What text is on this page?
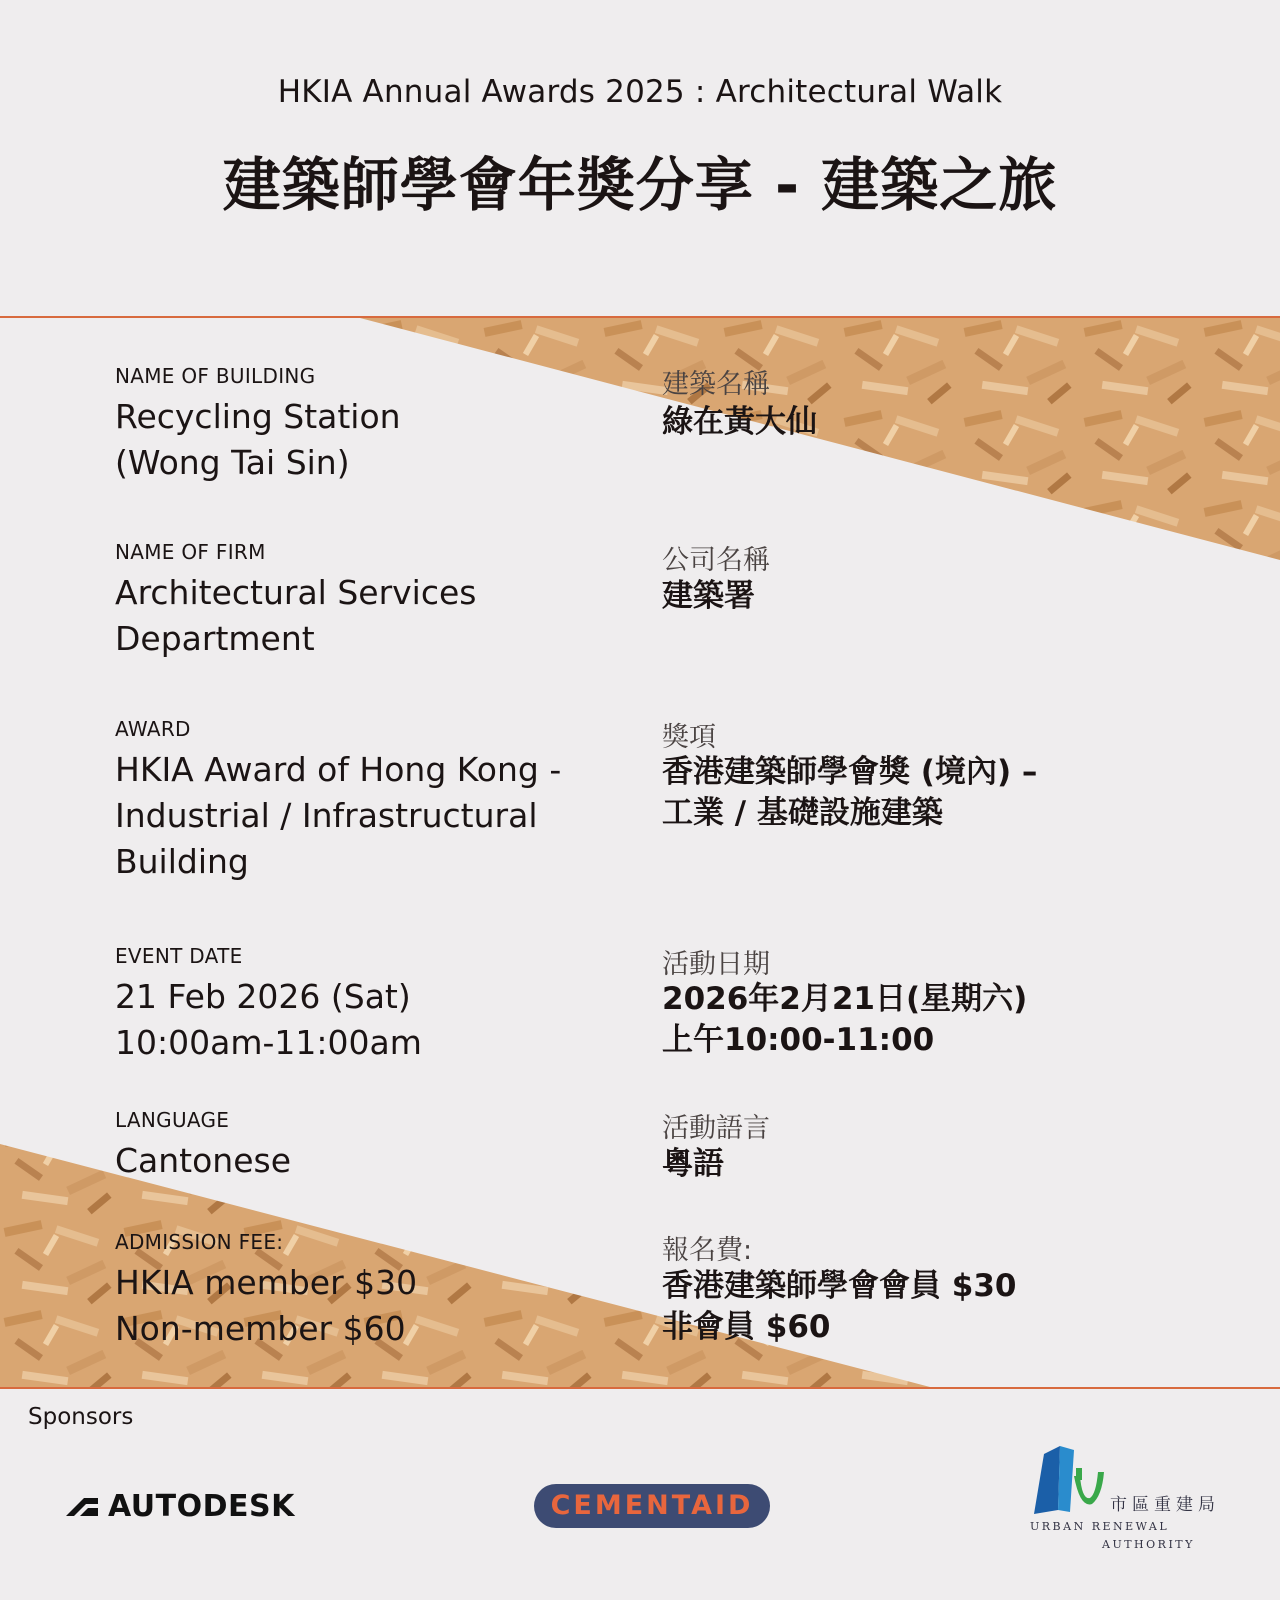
HKIA Annual Awards 2025 : Architectural Walk
建築師學會年獎分享 - 建築之旅
NAME OF BUILDING
Recycling Station
(Wong Tai Sin)
建築名稱
綠在黃大仙
NAME OF FIRM
Architectural Services
Department
公司名稱
建築署
AWARD
HKIA Award of Hong Kong -
Industrial / Infrastructural
Building
獎項
香港建築師學會獎 (境內) –
工業 / 基礎設施建築
EVENT DATE
21 Feb 2026 (Sat)
10:00am-11:00am
活動日期
2026年2月21日(星期六)
上午10:00-11:00
LANGUAGE
Cantonese
活動語言
粵語
ADMISSION FEE:
HKIA member $30
Non-member $60
報名費:
香港建築師學會會員 $30
非會員 $60
Sponsors
AUTODESK	CEMENTAID	市區重建局
URBAN RENEWAL
AUTHORITY
